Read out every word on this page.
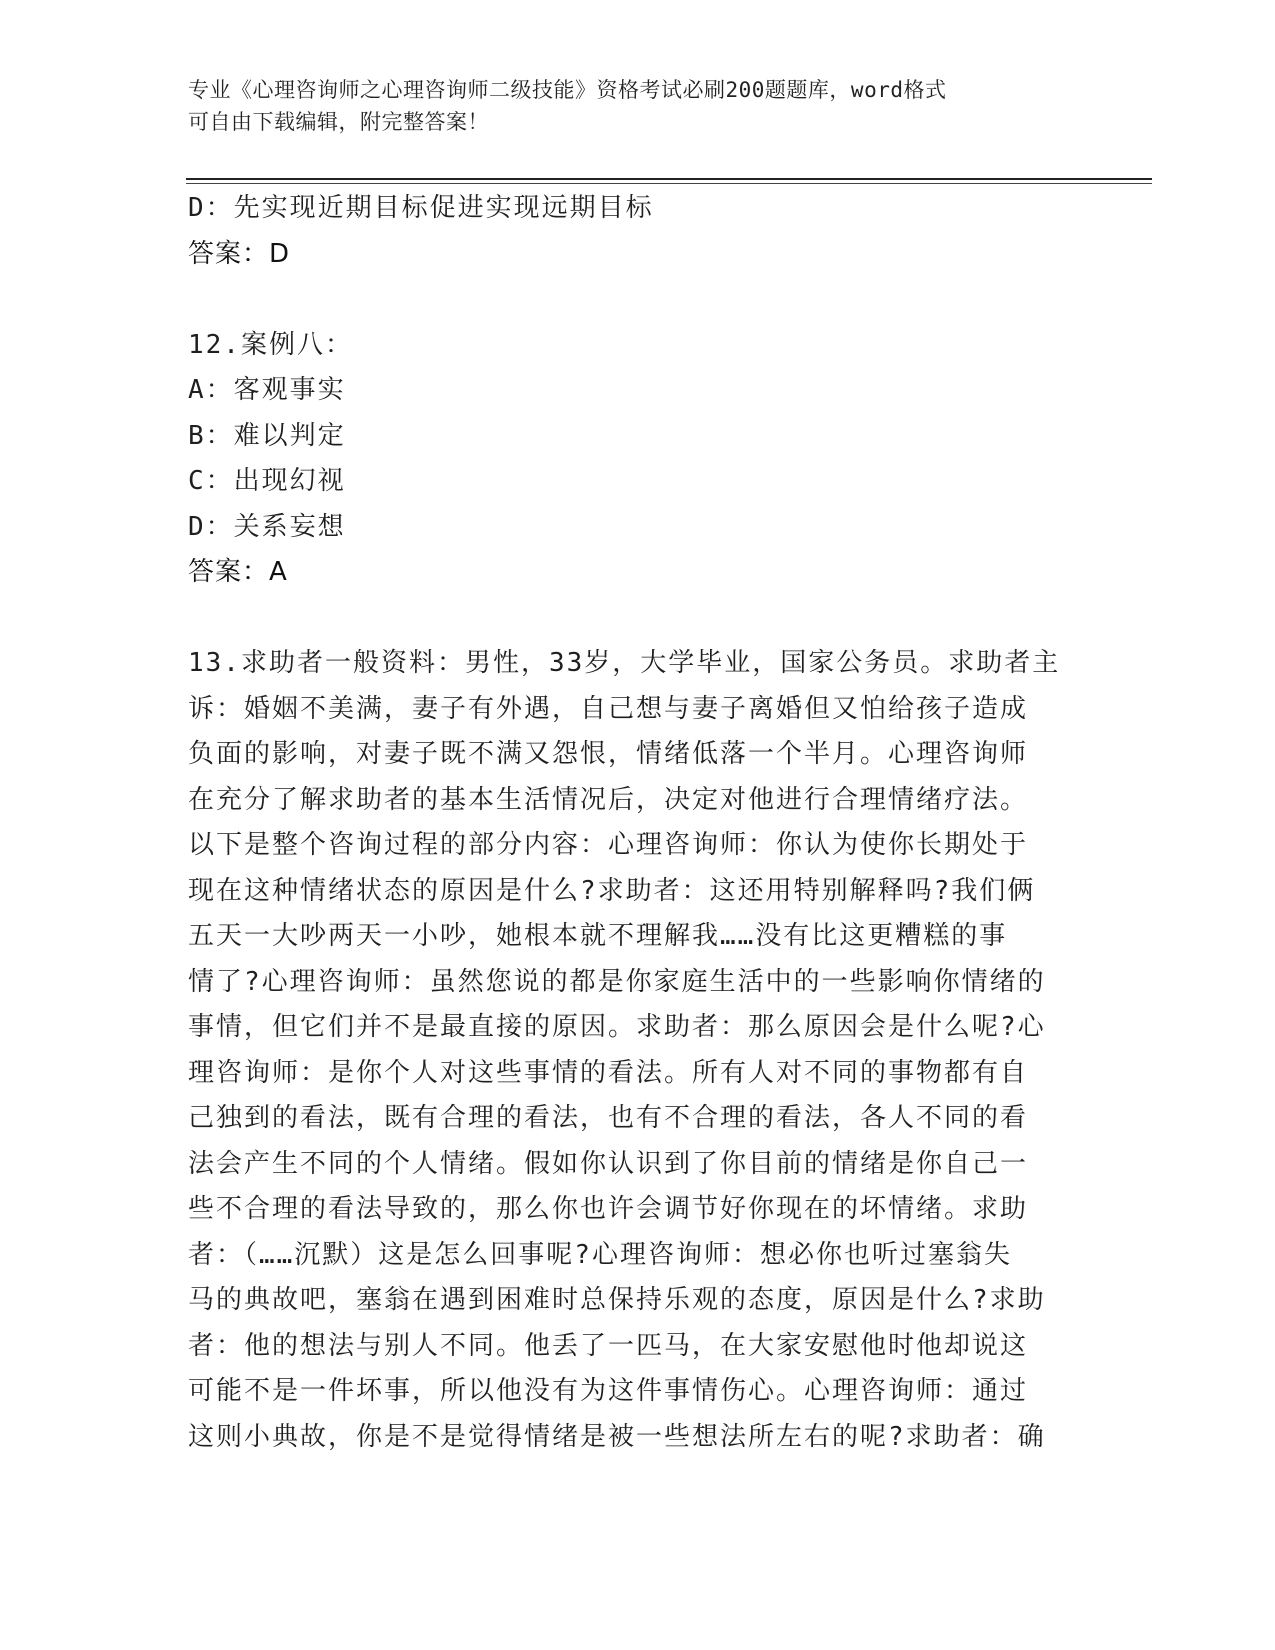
专业《心理咨询师之心理咨询师二级技能》资格考试必刷200题题库，word格式
可自由下载编辑，附完整答案！

D：先实现近期目标促进实现远期目标

答案：D

12.案例八：

A：客观事实

B：难以判定

C：出现幻视

D：关系妄想

答案：A

13.求助者一般资料：男性，33岁，大学毕业，国家公务员。求助者主

诉：婚姻不美满，妻子有外遇，自己想与妻子离婚但又怕给孩子造成

负面的影响，对妻子既不满又怨恨，情绪低落一个半月。心理咨询师

在充分了解求助者的基本生活情况后，决定对他进行合理情绪疗法。

以下是整个咨询过程的部分内容：心理咨询师：你认为使你长期处于

现在这种情绪状态的原因是什么?求助者：这还用特别解释吗?我们俩

五天一大吵两天一小吵，她根本就不理解我……没有比这更糟糕的事

情了?心理咨询师：虽然您说的都是你家庭生活中的一些影响你情绪的

事情，但它们并不是最直接的原因。求助者：那么原因会是什么呢?心

理咨询师：是你个人对这些事情的看法。所有人对不同的事物都有自

己独到的看法，既有合理的看法，也有不合理的看法，各人不同的看

法会产生不同的个人情绪。假如你认识到了你目前的情绪是你自己一

些不合理的看法导致的，那么你也许会调节好你现在的坏情绪。求助

者：（……沉默）这是怎么回事呢?心理咨询师：想必你也听过塞翁失

马的典故吧，塞翁在遇到困难时总保持乐观的态度，原因是什么?求助

者：他的想法与别人不同。他丢了一匹马，在大家安慰他时他却说这

可能不是一件坏事，所以他没有为这件事情伤心。心理咨询师：通过

这则小典故，你是不是觉得情绪是被一些想法所左右的呢?求助者：确
